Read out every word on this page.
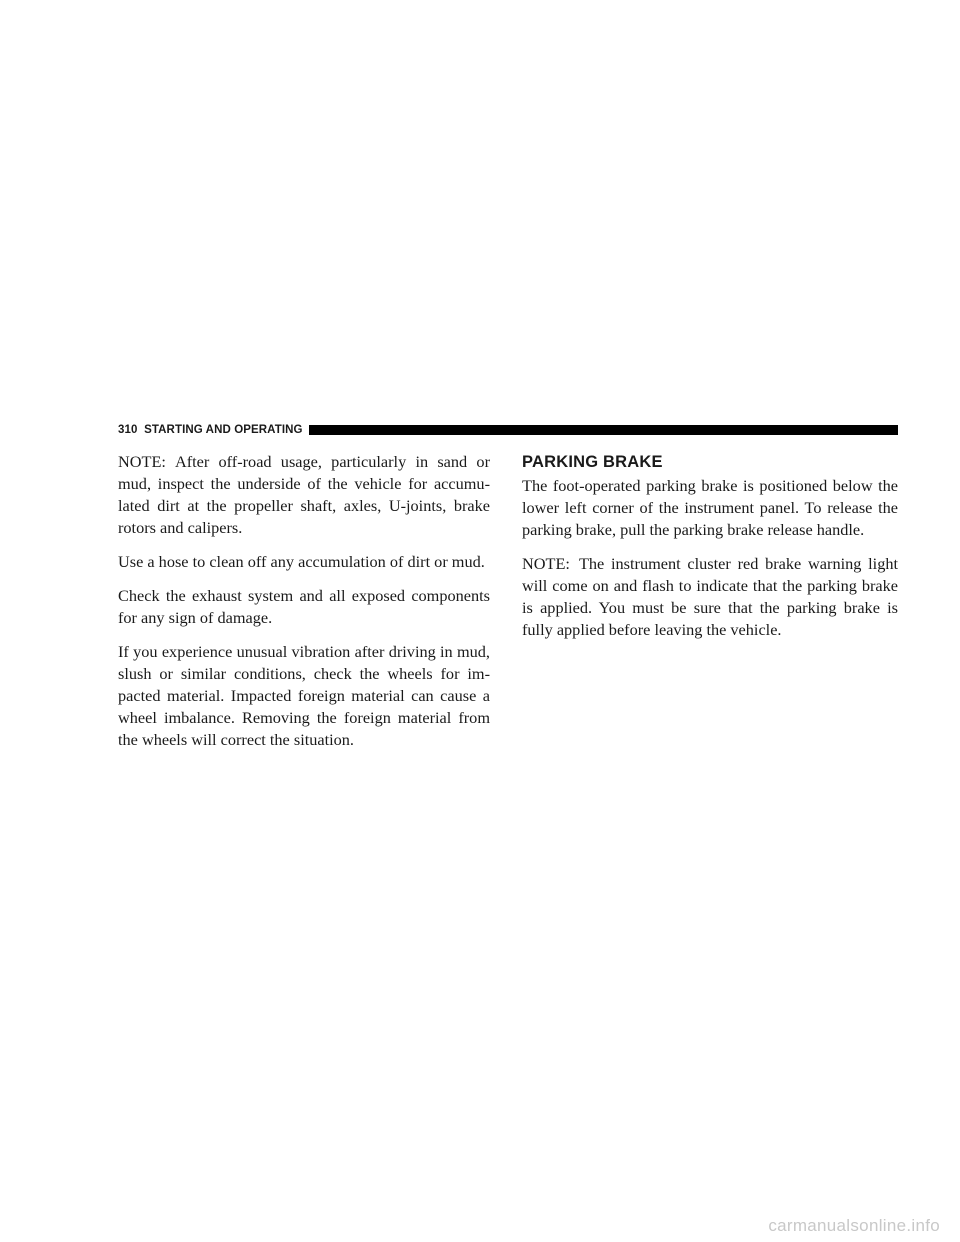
310 STARTING AND OPERATING

NOTE: After off-road usage, particularly in sand or mud, inspect the underside of the vehicle for accumu-lated dirt at the propeller shaft, axles, U-joints, brake rotors and calipers.

Use a hose to clean off any accumulation of dirt or mud.

Check the exhaust system and all exposed components for any sign of damage.

If you experience unusual vibration after driving in mud, slush or similar conditions, check the wheels for im-pacted material. Impacted foreign material can cause a wheel imbalance. Removing the foreign material from the wheels will correct the situation.

PARKING BRAKE

The foot-operated parking brake is positioned below the lower left corner of the instrument panel. To release the parking brake, pull the parking brake release handle.

NOTE: The instrument cluster red brake warning light will come on and flash to indicate that the parking brake is applied. You must be sure that the parking brake is fully applied before leaving the vehicle.

carmanualsonline.info
